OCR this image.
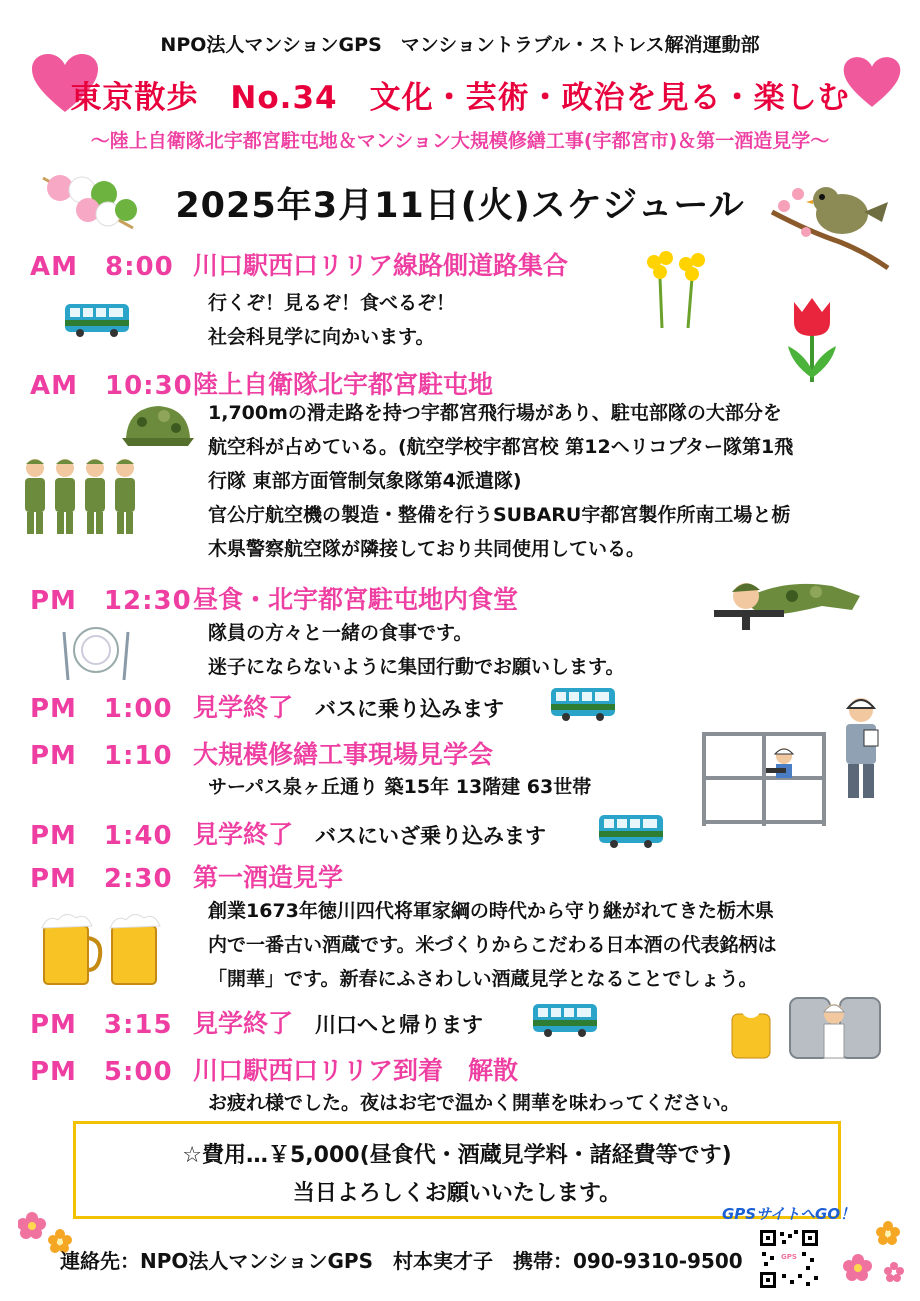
NPO法人マンションGPS　マンショントラブル・ストレス解消運動部
東京散歩　No.34　文化・芸術・政治を見る・楽しむ
～陸上自衛隊北宇都宮駐屯地＆マンション大規模修繕工事(宇都宮市)＆第一酒造見学～
2025年3月11日(火)スケジュール
AM　8:00 川口駅西口リリア線路側道路集合
行くぞ！見るぞ！食べるぞ！
社会科見学に向かいます。
AM　10:30 陸上自衛隊北宇都宮駐屯地
1,700mの滑走路を持つ宇都宮飛行場があり、駐屯部隊の大部分を
航空科が占めている。(航空学校宇都宮校 第12ヘリコプター隊第1飛
行隊 東部方面管制気象隊第4派遣隊)
官公庁航空機の製造・整備を行うSUBARU宇都宮製作所南工場と栃
木県警察航空隊が隣接しており共同使用している。
PM　12:30 昼食・北宇都宮駐屯地内食堂
隊員の方々と一緒の食事です。
迷子にならないように集団行動でお願いします。
PM　1:00 見学終了 バスに乗り込みます
PM　1:10 大規模修繕工事現場見学会
サーパス泉ヶ丘通り 築15年 13階建 63世帯
PM　1:40 見学終了 バスにいざ乗り込みます
PM　2:30 第一酒造見学
創業1673年徳川四代将軍家綱の時代から守り継がれてきた栃木県
内で一番古い酒蔵です。米づくりからこだわる日本酒の代表銘柄は
「開華」です。新春にふさわしい酒蔵見学となることでしょう。
PM　3:15 見学終了 川口へと帰ります
PM　5:00 川口駅西口リリア到着　解散
お疲れ様でした。夜はお宅で温かく開華を味わってください。
☆費用…￥5,000(昼食代・酒蔵見学料・諸経費等です)
当日よろしくお願いいたします。
GPSサイトへGO！
GPS
連絡先：NPO法人マンションGPS　村本実才子　携帯：090-9310-9500
